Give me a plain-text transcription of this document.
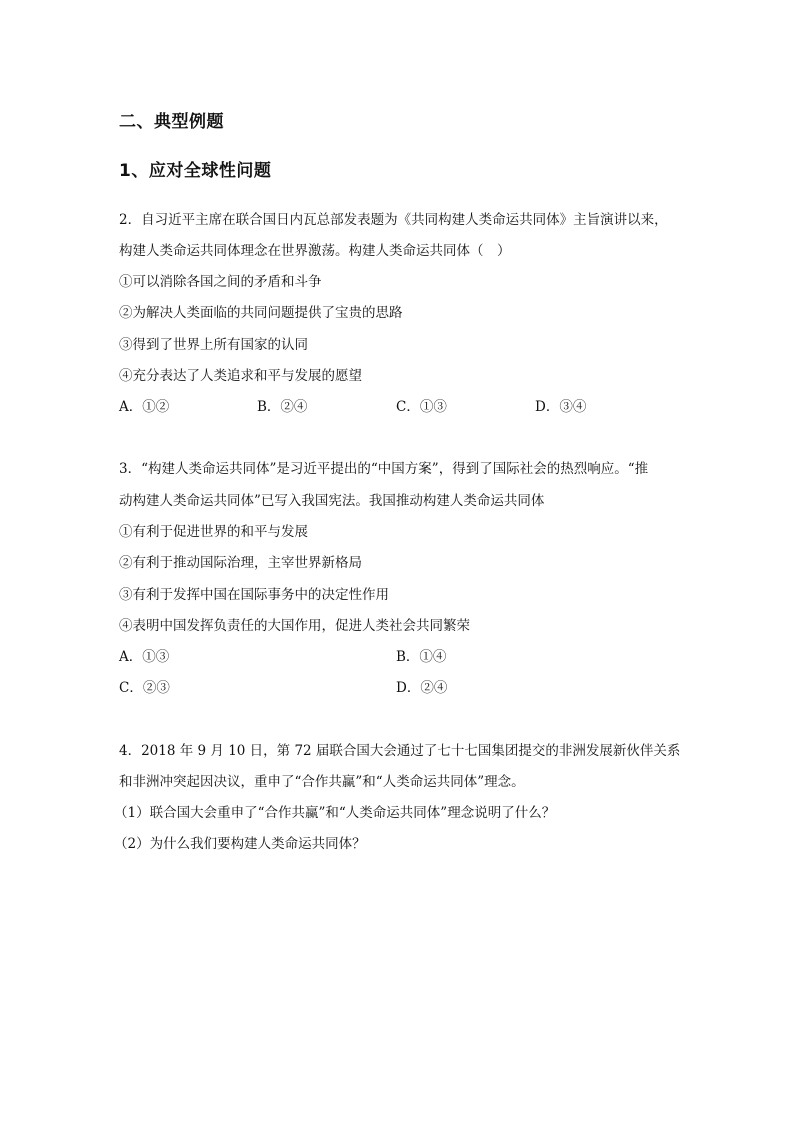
二、典型例题
1、应对全球性问题
2．自习近平主席在联合国日内瓦总部发表题为《共同构建人类命运共同体》主旨演讲以来，
构建人类命运共同体理念在世界激荡。构建人类命运共同体（　）
①可以消除各国之间的矛盾和斗争
②为解决人类面临的共同问题提供了宝贵的思路
③得到了世界上所有国家的认同
④充分表达了人类追求和平与发展的愿望
A．①②	B．②④	C．①③	D．③④
3．“构建人类命运共同体”是习近平提出的“中国方案”，得到了国际社会的热烈响应。“推
动构建人类命运共同体”已写入我国宪法。我国推动构建人类命运共同体
①有利于促进世界的和平与发展
②有利于推动国际治理，主宰世界新格局
③有利于发挥中国在国际事务中的决定性作用
④表明中国发挥负责任的大国作用，促进人类社会共同繁荣
A．①③	B．①④
C．②③	D．②④
4．2018 年 9 月 10 日，第 72 届联合国大会通过了七十七国集团提交的非洲发展新伙伴关系
和非洲冲突起因决议，重申了“合作共赢”和“人类命运共同体”理念。
（1）联合国大会重申了“合作共赢”和“人类命运共同体”理念说明了什么？
（2）为什么我们要构建人类命运共同体？
